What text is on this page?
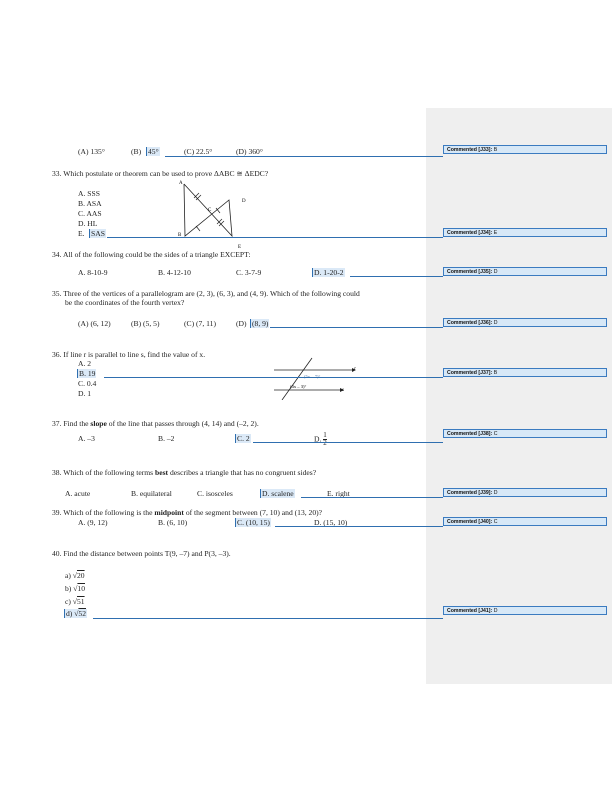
(A) 135°	(B) 45°	(C) 22.5°	(D) 360°
33. Which postulate or theorem can be used to prove ΔABC ≅ ΔEDC?
A. SSS
B. ASA
C. AAS
D. HL
E. SAS
A
B
C
D
E
34. All of the following could be the sides of a triangle EXCEPT:
A. 8-10-9	B. 4-12-10	C. 3-7-9	D. 1-20-2
35. Three of the vertices of a parallelogram are (2, 3), (6, 3), and (4, 9). Which of the following could
be the coordinates of the fourth vertex?
(A) (6, 12)	(B) (5, 5)	(C) (7, 11)	(D) (8, 9)
36. If line r is parallel to line s, find the value of x.
A. 2
B. 19
C. 0.4
D. 1
r
s
(5x – 7)°
(4x – 3)°
37. Find the slope of the line that passes through (4, 14) and (–2, 2).
A. –3	B. –2	C. 2	D. $\frac{1}{2}$
38. Which of the following terms best describes a triangle that has no congruent sides?
A. acute	B. equilateral	C. isosceles	D. scalene	E. right
39. Which of the following is the midpoint of the segment between (7, 10) and (13, 20)?
A. (9, 12)	B. (6, 10)	C. (10, 15)	D. (15, 10)
40. Find the distance between points T(9, –7) and P(3, –3).
a) √20
b) √10
c) √51
d) √52
Commented [J33]: B
Commented [J34]: E
Commented [J35]: D
Commented [J36]: D
Commented [J37]: B
Commented [J38]: C
Commented [J39]: D
Commented [J40]: C
Commented [J41]: D
